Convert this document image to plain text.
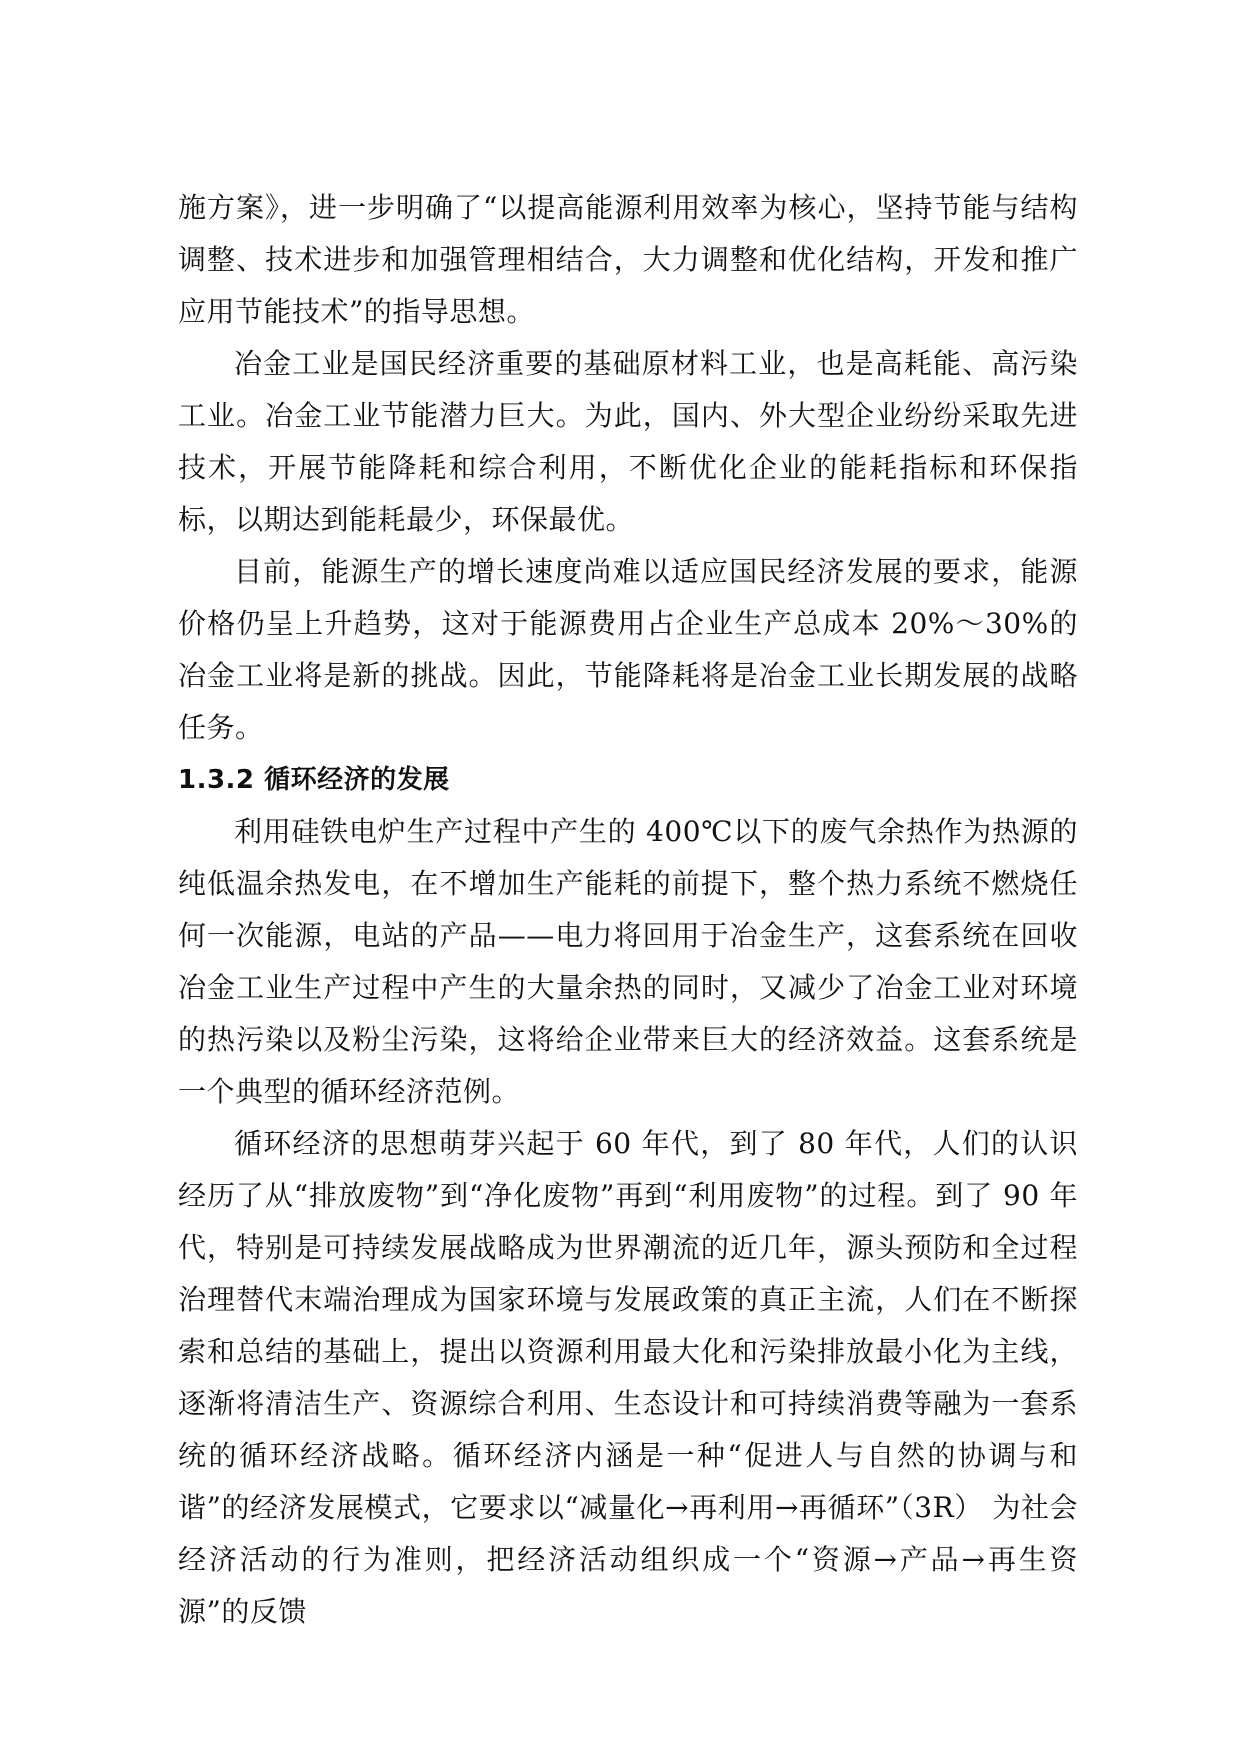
施方案》，进一步明确了“以提高能源利用效率为核心，坚持节能与结构调整、技术进步和加强管理相结合，大力调整和优化结构，开发和推广应用节能技术”的指导思想。

冶金工业是国民经济重要的基础原材料工业，也是高耗能、高污染工业。冶金工业节能潜力巨大。为此，国内、外大型企业纷纷采取先进技术，开展节能降耗和综合利用，不断优化企业的能耗指标和环保指标，以期达到能耗最少，环保最优。

目前，能源生产的增长速度尚难以适应国民经济发展的要求，能源价格仍呈上升趋势，这对于能源费用占企业生产总成本 20%～30%的冶金工业将是新的挑战。因此，节能降耗将是冶金工业长期发展的战略任务。

1.3.2 循环经济的发展

利用硅铁电炉生产过程中产生的 400℃以下的废气余热作为热源的纯低温余热发电，在不增加生产能耗的前提下，整个热力系统不燃烧任何一次能源，电站的产品——电力将回用于冶金生产，这套系统在回收冶金工业生产过程中产生的大量余热的同时，又减少了冶金工业对环境的热污染以及粉尘污染，这将给企业带来巨大的经济效益。这套系统是一个典型的循环经济范例。

循环经济的思想萌芽兴起于 60 年代，到了 80 年代，人们的认识经历了从“排放废物”到“净化废物”再到“利用废物”的过程。到了 90 年代，特别是可持续发展战略成为世界潮流的近几年，源头预防和全过程治理替代末端治理成为国家环境与发展政策的真正主流，人们在不断探索和总结的基础上，提出以资源利用最大化和污染排放最小化为主线，逐渐将清洁生产、资源综合利用、生态设计和可持续消费等融为一套系统的循环经济战略。循环经济内涵是一种“促进人与自然的协调与和谐”的经济发展模式，它要求以“减量化→再利用→再循环”（3R） 为社会经济活动的行为准则，把经济活动组织成一个“资源→产品→再生资源”的反馈
